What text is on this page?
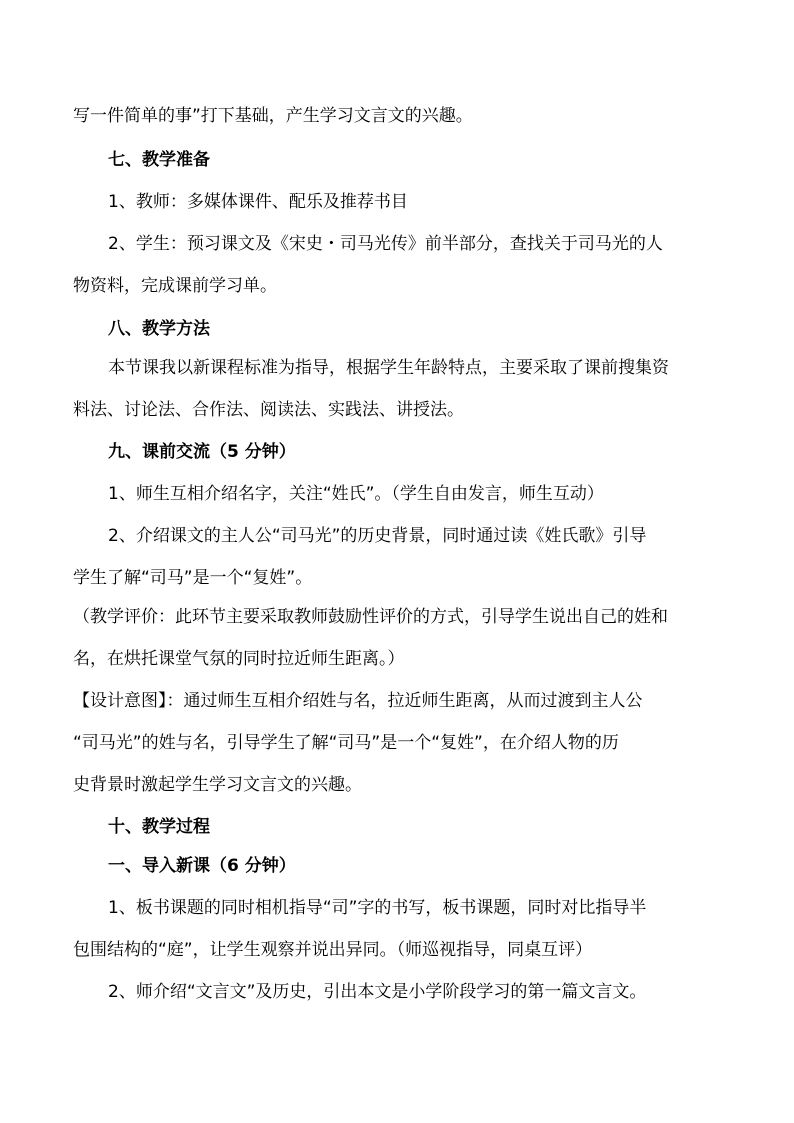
写一件简单的事”打下基础，产生学习文言文的兴趣。
七、教学准备
1、教师：多媒体课件、配乐及推荐书目
2、学生：预习课文及《宋史・司马光传》前半部分，查找关于司马光的人
物资料，完成课前学习单。
八、教学方法
本节课我以新课程标准为指导，根据学生年龄特点，主要采取了课前搜集资
料法、讨论法、合作法、阅读法、实践法、讲授法。
九、课前交流（5 分钟）
1、师生互相介绍名字，关注“姓氏”。（学生自由发言，师生互动）
2、介绍课文的主人公“司马光”的历史背景，同时通过读《姓氏歌》引导
学生了解“司马”是一个“复姓”。
（教学评价：此环节主要采取教师鼓励性评价的方式，引导学生说出自己的姓和
名，在烘托课堂气氛的同时拉近师生距离。）
【设计意图】：通过师生互相介绍姓与名，拉近师生距离，从而过渡到主人公
“司马光”的姓与名，引导学生了解“司马”是一个“复姓”，在介绍人物的历
史背景时激起学生学习文言文的兴趣。
十、教学过程
一、导入新课（6 分钟）
1、板书课题的同时相机指导“司”字的书写，板书课题，同时对比指导半
包围结构的“庭”，让学生观察并说出异同。（师巡视指导，同桌互评）
2、师介绍“文言文”及历史，引出本文是小学阶段学习的第一篇文言文。
